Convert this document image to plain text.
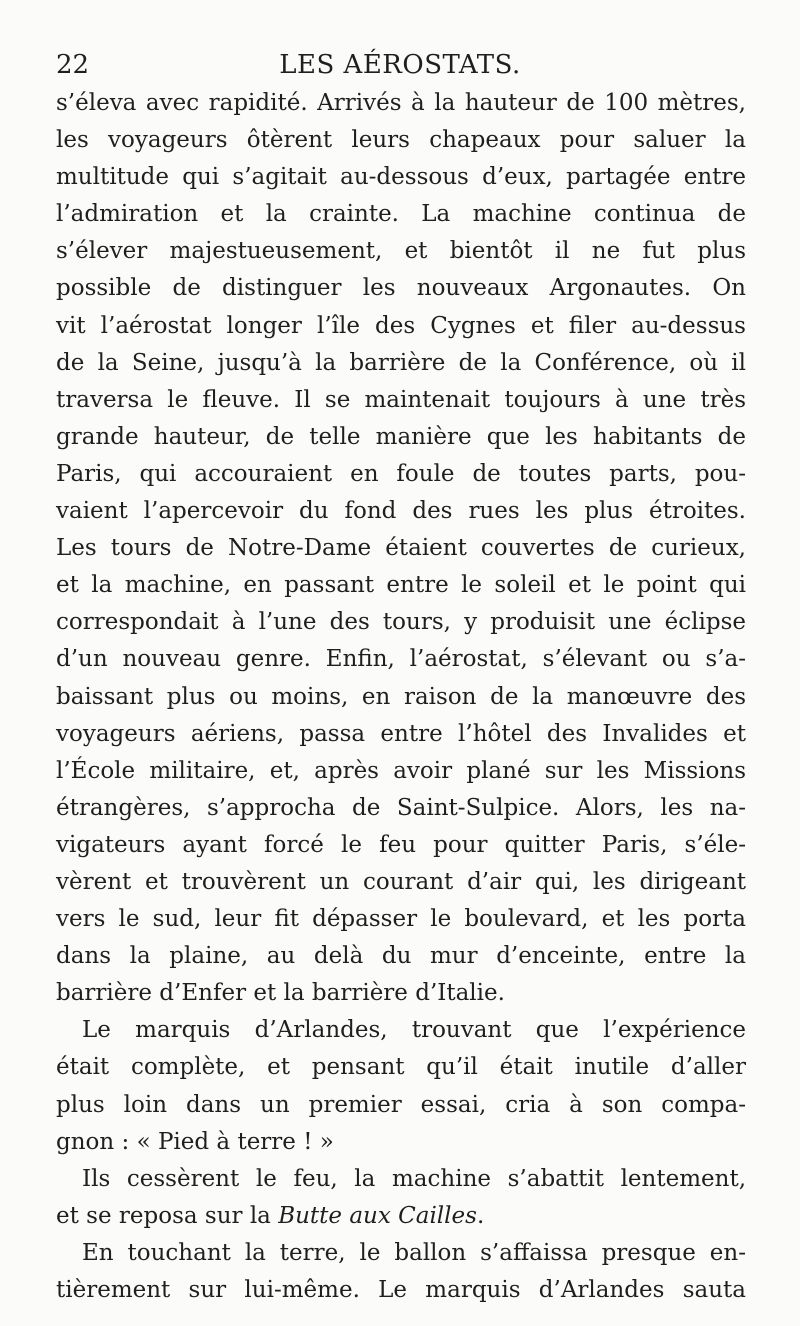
22	LES AÉROSTATS.
s’éleva avec rapidité. Arrivés à la hauteur de 100 mètres,
les voyageurs ôtèrent leurs chapeaux pour saluer la
multitude qui s’agitait au-dessous d’eux, partagée entre
l’admiration et la crainte. La machine continua de
s’élever majestueusement, et bientôt il ne fut plus
possible de distinguer les nouveaux Argonautes. On
vit l’aérostat longer l’île des Cygnes et filer au-dessus
de la Seine, jusqu’à la barrière de la Conférence, où il
traversa le fleuve. Il se maintenait toujours à une très
grande hauteur, de telle manière que les habitants de
Paris, qui accouraient en foule de toutes parts, pou-
vaient l’apercevoir du fond des rues les plus étroites.
Les tours de Notre-Dame étaient couvertes de curieux,
et la machine, en passant entre le soleil et le point qui
correspondait à l’une des tours, y produisit une éclipse
d’un nouveau genre. Enfin, l’aérostat, s’élevant ou s’a-
baissant plus ou moins, en raison de la manœuvre des
voyageurs aériens, passa entre l’hôtel des Invalides et
l’École militaire, et, après avoir plané sur les Missions
étrangères, s’approcha de Saint-Sulpice. Alors, les na-
vigateurs ayant forcé le feu pour quitter Paris, s’éle-
vèrent et trouvèrent un courant d’air qui, les dirigeant
vers le sud, leur fit dépasser le boulevard, et les porta
dans la plaine, au delà du mur d’enceinte, entre la
barrière d’Enfer et la barrière d’Italie.
Le marquis d’Arlandes, trouvant que l’expérience
était complète, et pensant qu’il était inutile d’aller
plus loin dans un premier essai, cria à son compa-
gnon : « Pied à terre ! »
Ils cessèrent le feu, la machine s’abattit lentement,
et se reposa sur la Butte aux Cailles.
En touchant la terre, le ballon s’affaissa presque en-
tièrement sur lui-même. Le marquis d’Arlandes sauta
